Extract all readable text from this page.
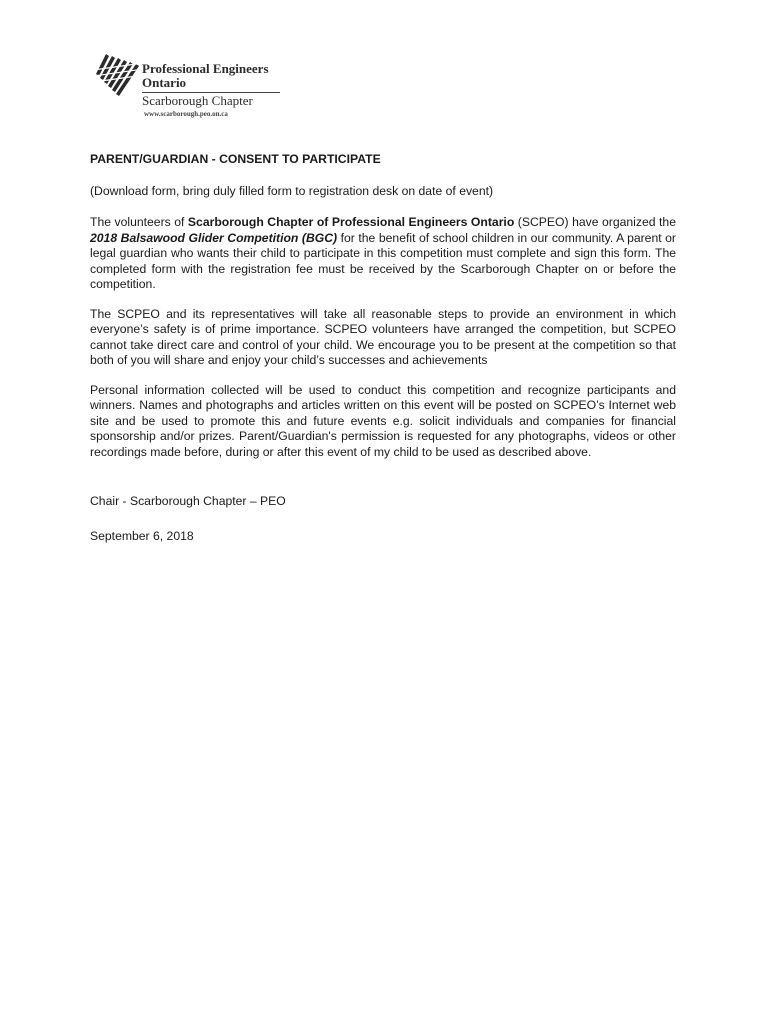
Professional Engineers
Ontario
Scarborough Chapter
www.scarborough.peo.on.ca

PARENT/GUARDIAN - CONSENT TO PARTICIPATE

(Download form, bring duly filled form to registration desk on date of event)

The volunteers of Scarborough Chapter of Professional Engineers Ontario (SCPEO) have organized the 2018 Balsawood Glider Competition (BGC) for the benefit of school children in our community. A parent or legal guardian who wants their child to participate in this competition must complete and sign this form. The completed form with the registration fee must be received by the Scarborough Chapter on or before the competition.

The SCPEO and its representatives will take all reasonable steps to provide an environment in which everyone’s safety is of prime importance. SCPEO volunteers have arranged the competition, but SCPEO cannot take direct care and control of your child. We encourage you to be present at the competition so that both of you will share and enjoy your child’s successes and achievements

Personal information collected will be used to conduct this competition and recognize participants and winners. Names and photographs and articles written on this event will be posted on SCPEO’s Internet web site and be used to promote this and future events e.g. solicit individuals and companies for financial sponsorship and/or prizes. Parent/Guardian's permission is requested for any photographs, videos or other recordings made before, during or after this event of my child to be used as described above.

Chair - Scarborough Chapter – PEO

September 6, 2018
